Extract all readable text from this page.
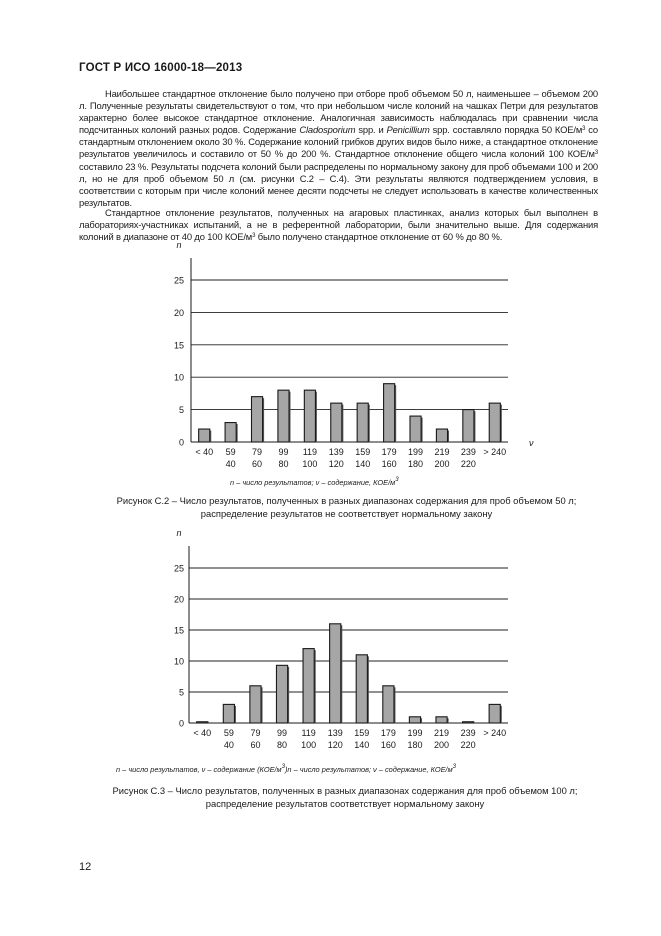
ГОСТ Р ИСО 16000-18—2013

Наибольшее стандартное отклонение было получено при отборе проб объемом 50 л, наименьшее – объемом 200 л. Полученные результаты свидетельствуют о том, что при небольшом числе колоний на чашках Петри для результатов характерно более высокое стандартное отклонение. Аналогичная зависимость наблюдалась при сравнении числа подсчитанных колоний разных родов. Содержание Cladosporium spp. и Penicillium spp. составляло порядка 50 КОЕ/$м^3$ со стандартным отклонением около 30 %. Содержание колоний грибков других видов было ниже, а стандартное отклонение результатов увеличилось и составило от 50 % до 200 %. Стандартное отклонение общего числа колоний 100 КОЕ/$м^3$ составило 23 %. Результаты подсчета колоний были распределены по нормальному закону для проб объемами 100 и 200 л, но не для проб объемом 50 л (см. рисунки С.2 – С.4). Эти результаты являются подтверждением условия, в соответствии с которым при числе колоний менее десяти подсчеты не следует использовать в качестве количественных результатов.

Стандартное отклонение результатов, полученных на агаровых пластинках, анализ которых был выполнен в лабораториях-участниках испытаний, а не в референтной лаборатории, были значительно выше. Для содержания колоний в диапазоне от 40 до 100 КОЕ/$м^3$ было получено стандартное отклонение от 60 % до 80 %.

0
5
10
15
20
25
n
ν
< 40 59
40
79
60
99
80
119
100
139
120
159
140
179
160
199
180
219
200
239
220
> 240
n – число результатов; ν – содержание, КОЕ/$м^3$
Рисунок С.2 – Число результатов, полученных в разных диапазонах содержания для проб объемом 50 л;
распределение результатов не соответствует нормальному закону
0
5
10
15
20
25
n
< 40 59
40
79
60
99
80
119
100
139
120
159
140
179
160
199
180
219
200
239
220
> 240
n – число результатов, ν – содержание $(КОЕ/м^3)n$ – число результатов; ν – содержание, КОЕ/$м^3$
Рисунок С.3 – Число результатов, полученных в разных диапазонах содержания для проб объемом 100 л;
распределение результатов соответствует нормальному закону
12
